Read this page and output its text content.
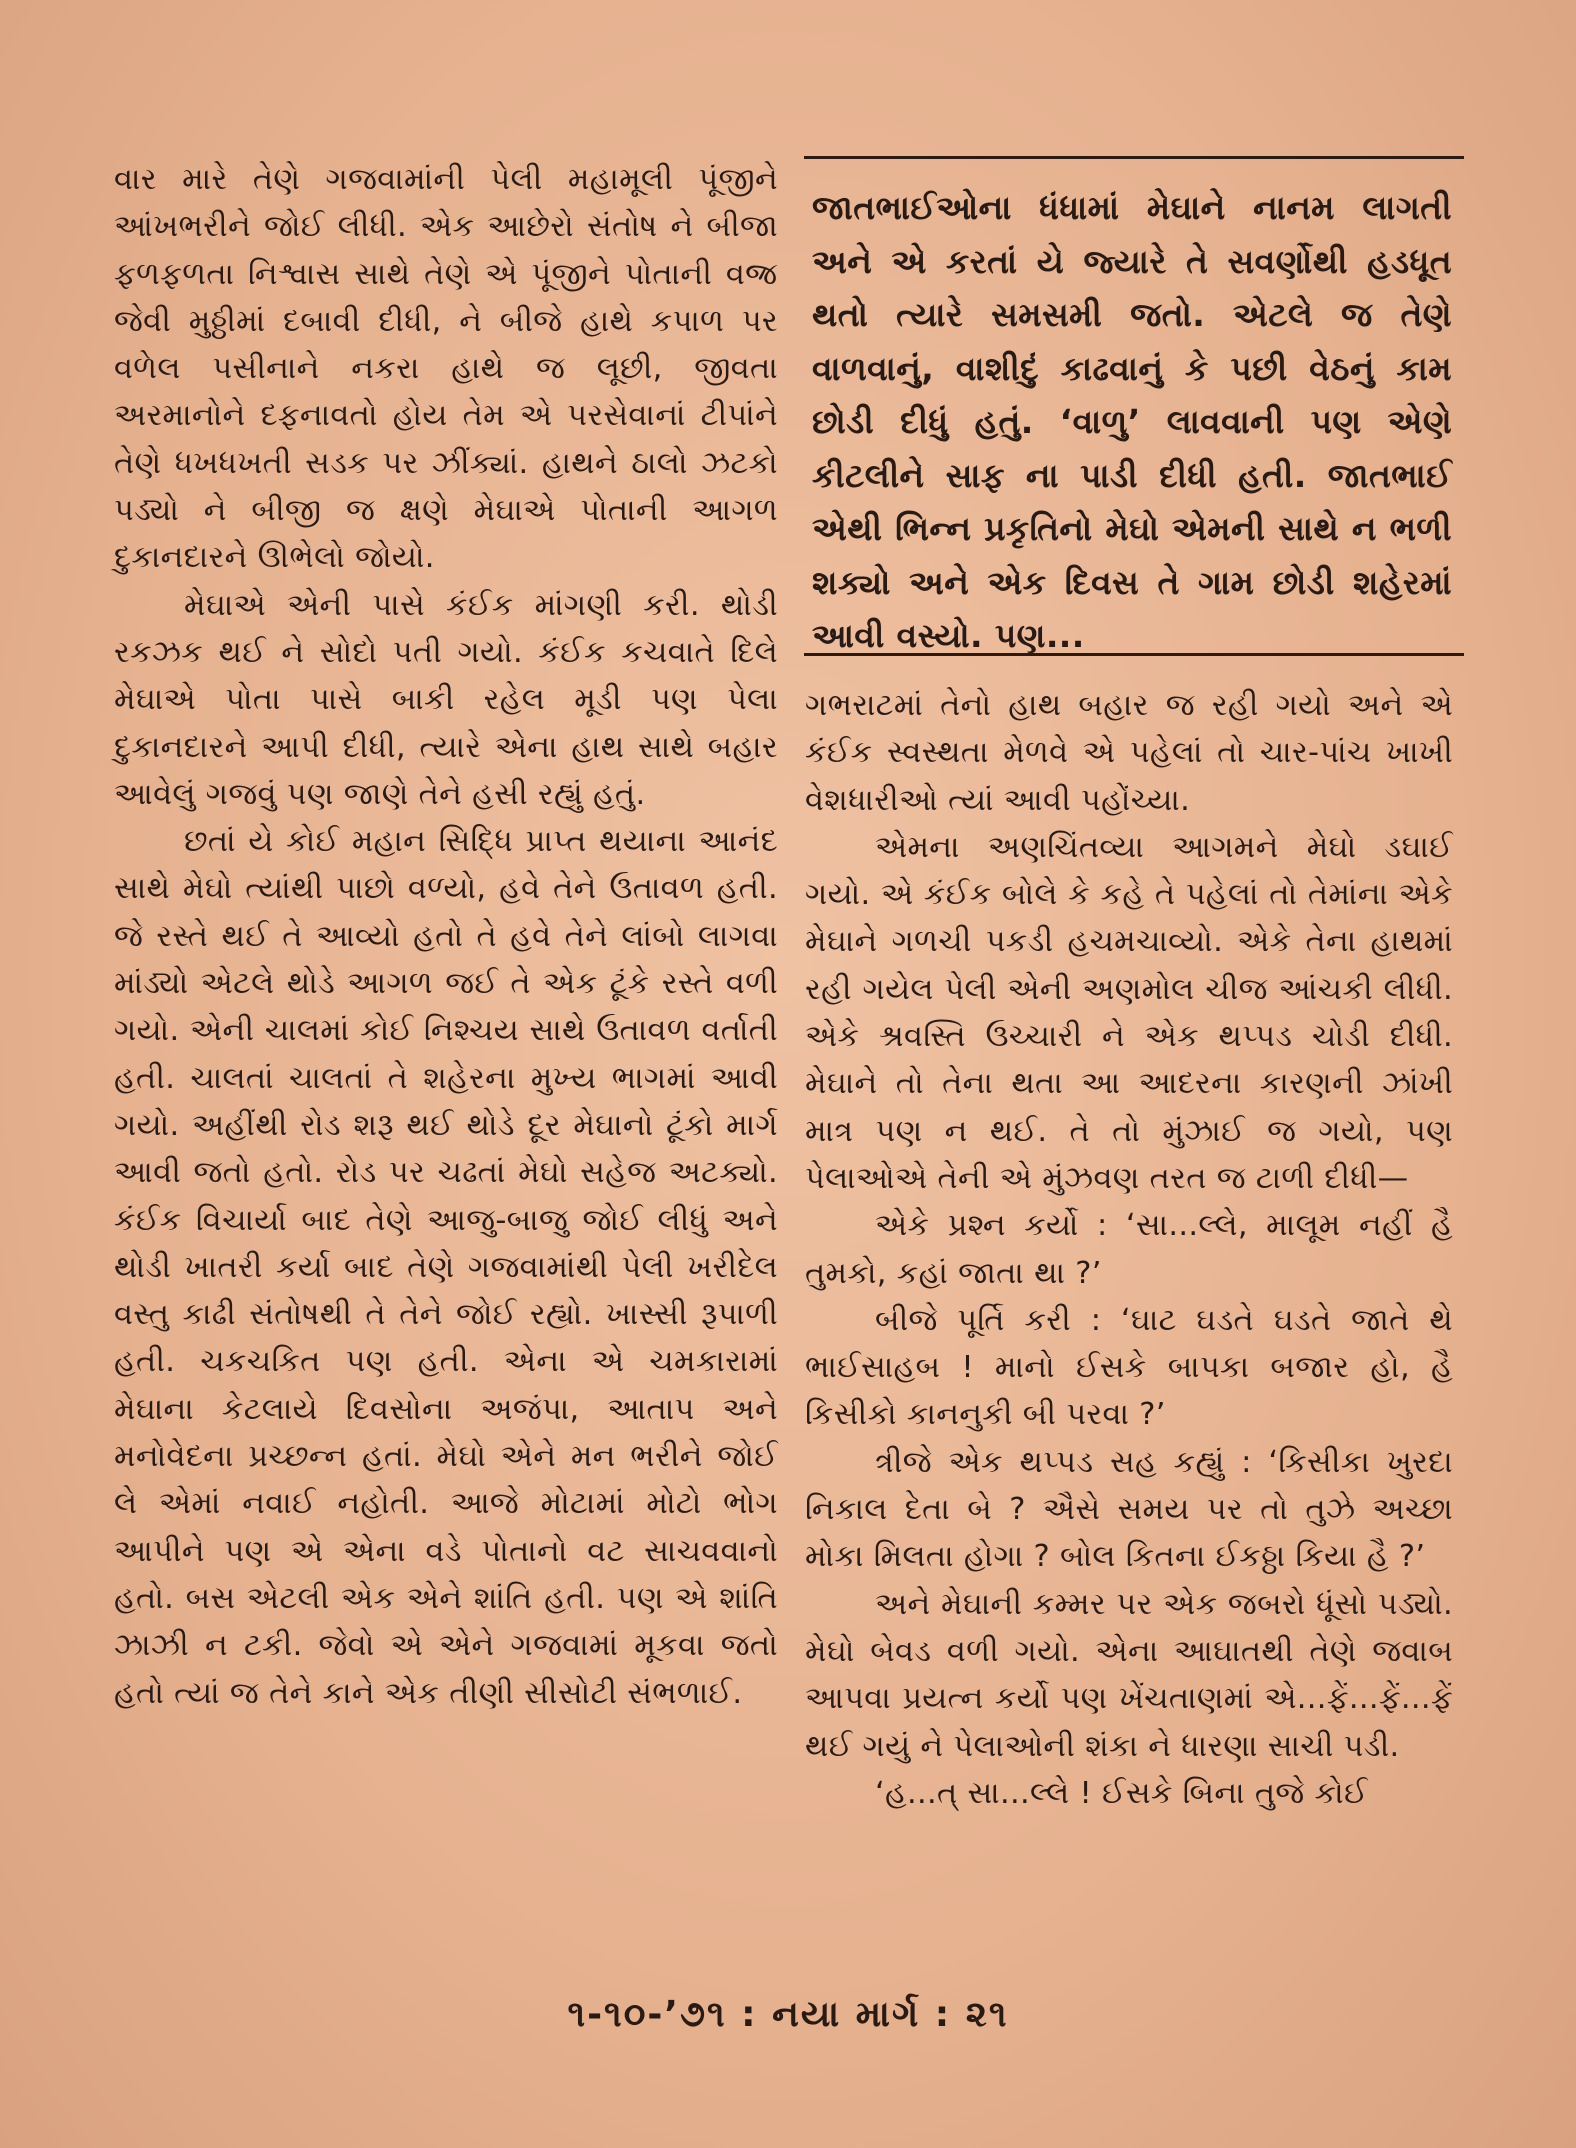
વાર મારે તેણે ગજવામાંની પેલી મહામૂલી પૂંજીને આંખભરીને જોઈ લીધી. એક આછેરો સંતોષ ને બીજા ફળફળતા નિશ્વાસ સાથે તેણે એ પૂંજીને પોતાની વજ્ર જેવી મુઠ્ઠીમાં દબાવી દીધી, ને બીજે હાથે કપાળ પર વળેલ પસીનાને નકરા હાથે જ લૂછી, જીવતા અરમાનોને દફનાવતો હોય તેમ એ પરસેવાનાં ટીપાંને તેણે ધખધખતી સડક પર ઝીંક્યાં. હાથને ઠાલો ઝટકો પડ્યો ને બીજી જ ક્ષણે મેઘાએ પોતાની આગળ દુકાનદારને ઊભેલો જોયો.

મેઘાએ એની પાસે કંઈક માંગણી કરી. થોડી રકઝક થઈ ને સોદો પતી ગયો. કંઈક કચવાતે દિલે મેઘાએ પોતા પાસે બાકી રહેલ મૂડી પણ પેલા દુકાનદારને આપી દીધી, ત્યારે એના હાથ સાથે બહાર આવેલું ગજવું પણ જાણે તેને હસી રહ્યું હતું.

છતાં યે કોઈ મહાન સિદ્ધિ પ્રાપ્ત થયાના આનંદ સાથે મેઘો ત્યાંથી પાછો વળ્યો, હવે તેને ઉતાવળ હતી. જે રસ્તે થઈ તે આવ્યો હતો તે હવે તેને લાંબો લાગવા માંડ્યો એટલે થોડે આગળ જઈ તે એક ટૂંકે રસ્તે વળી ગયો. એની ચાલમાં કોઈ નિશ્ચય સાથે ઉતાવળ વર્તાતી હતી. ચાલતાં ચાલતાં તે શહેરના મુખ્ય ભાગમાં આવી ગયો. અહીંથી રોડ શરૂ થઈ થોડે દૂર મેઘાનો ટૂંકો માર્ગ આવી જતો હતો. રોડ પર ચઢતાં મેઘો સહેજ અટક્યો. કંઈક વિચાર્યા બાદ તેણે આજુ-બાજુ જોઈ લીધું અને થોડી ખાતરી કર્યા બાદ તેણે ગજવામાંથી પેલી ખરીદેલ વસ્તુ કાઢી સંતોષથી તે તેને જોઈ રહ્યો. ખાસ્સી રૂપાળી હતી. ચકચકિત પણ હતી. એના એ ચમકારામાં મેઘાના કેટલાયે દિવસોના અજંપા, આતાપ અને મનોવેદના પ્રચ્છન્ન હતાં. મેઘો એને મન ભરીને જોઈ લે એમાં નવાઈ નહોતી. આજે મોટામાં મોટો ભોગ આપીને પણ એ એના વડે પોતાનો વટ સાચવવાનો હતો. બસ એટલી એક એને શાંતિ હતી. પણ એ શાંતિ ઝાઝી ન ટકી. જેવો એ એને ગજવામાં મૂકવા જતો હતો ત્યાં જ તેને કાને એક તીણી સીસોટી સંભળાઈ.

જાતભાઈઓના ધંધામાં મેઘાને નાનમ લાગતી અને એ કરતાં યે જ્યારે તે સવર્ણોથી હડધૂત થતો ત્યારે સમસમી જતો. એટલે જ તેણે વાળવાનું, વાશીદું કાઢવાનું કે પછી વેઠનું કામ છોડી દીધું હતું. ‘વાળુ’ લાવવાની પણ એણે કીટલીને સાફ ના પાડી દીધી હતી. જાતભાઈ એથી ભિન્ન પ્રકૃતિનો મેઘો એમની સાથે ન ભળી શક્યો અને એક દિવસ તે ગામ છોડી શહેરમાં આવી વસ્યો. પણ...

ગભરાટમાં તેનો હાથ બહાર જ રહી ગયો અને એ કંઈક સ્વસ્થતા મેળવે એ પહેલાં તો ચાર-પાંચ ખાખી વેશધારીઓ ત્યાં આવી પહોંચ્યા.

એમના અણચિંતવ્યા આગમને મેઘો ડઘાઈ ગયો. એ કંઈક બોલે કે કહે તે પહેલાં તો તેમાંના એકે મેઘાને ગળચી પકડી હચમચાવ્યો. એકે તેના હાથમાં રહી ગયેલ પેલી એની અણમોલ ચીજ આંચકી લીધી. એકે શ્રવસ્તિ ઉચ્ચારી ને એક થપ્પડ ચોડી દીધી. મેઘાને તો તેના થતા આ આદરના કારણની ઝાંખી માત્ર પણ ન થઈ. તે તો મુંઝાઈ જ ગયો, પણ પેલાઓએ તેની એ મુંઝવણ તરત જ ટાળી દીધી—

એકે પ્રશ્ન કર્યો : ‘સા...લ્લે, માલૂમ નહીં હૈ તુમકો, કહાં જાતા થા ?’

બીજે પૂર્તિ કરી : ‘ઘાટ ઘડતે ઘડતે જાતે થે ભાઈસાહબ ! માનો ઈસકે બાપકા બજાર હો, હૈ કિસીકો કાનનુકી બી પરવા ?’

ત્રીજે એક થપ્પડ સહ કહ્યું : ‘કિસીકા ખુરદા નિકાલ દેતા બે ? ઐસે સમય પર તો તુઝે અચ્છા મોકા મિલતા હોગા ? બોલ કિતના ઈકઠ્ઠા કિયા હૈ ?’

અને મેઘાની કમ્મર પર એક જબરો ધૂંસો પડ્યો. મેઘો બેવડ વળી ગયો. એના આઘાતથી તેણે જવાબ આપવા પ્રયત્ન કર્યો પણ ખેંચતાણમાં એ...ફેં...ફેં...ફેં થઈ ગયું ને પેલાઓની શંકા ને ધારણા સાચી પડી.

‘હ...ત્ સા...લ્લે ! ઈસકે બિના તુજે કોઈ

૧-૧૦-’૭૧ : નયા માર્ગ : ૨૧
